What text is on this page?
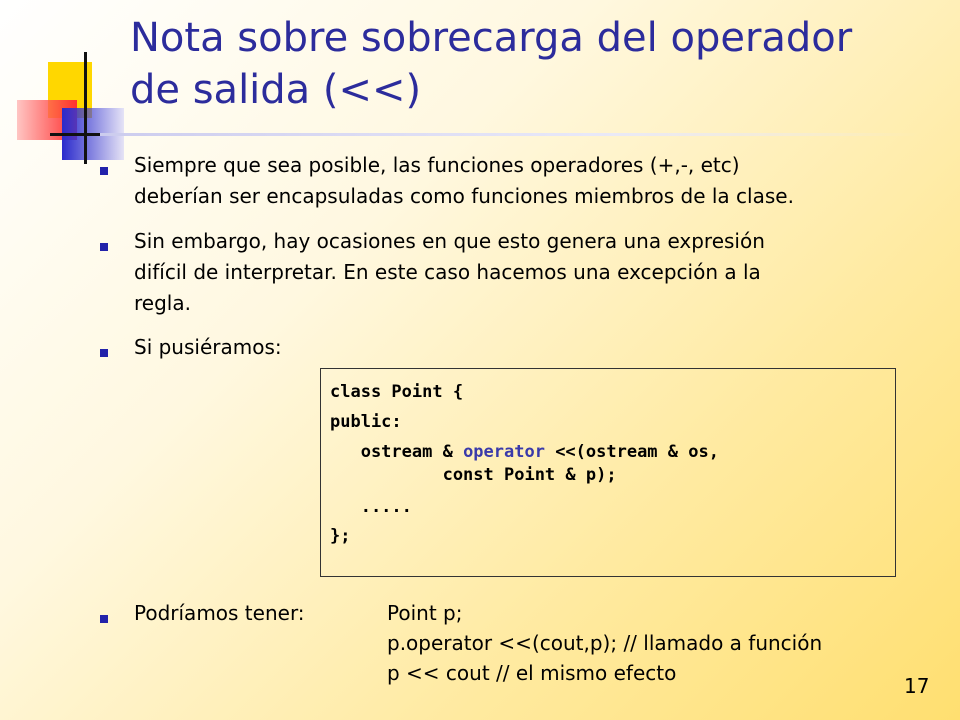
Nota sobre sobrecarga del operador
de salida (<<)
Siempre que sea posible, las funciones operadores (+,-, etc)
deberían ser encapsuladas como funciones miembros de la clase.
Sin embargo, hay ocasiones en que esto genera una expresión
difícil de interpretar. En este caso hacemos una excepción a la
regla.
Si pusiéramos:
class Point {
public:
ostream & operator <<(ostream & os,
const Point & p);
.....
};
Podríamos tener:	Point p;
p.operator <<(cout,p); // llamado a función
p << cout // el mismo efecto
17
